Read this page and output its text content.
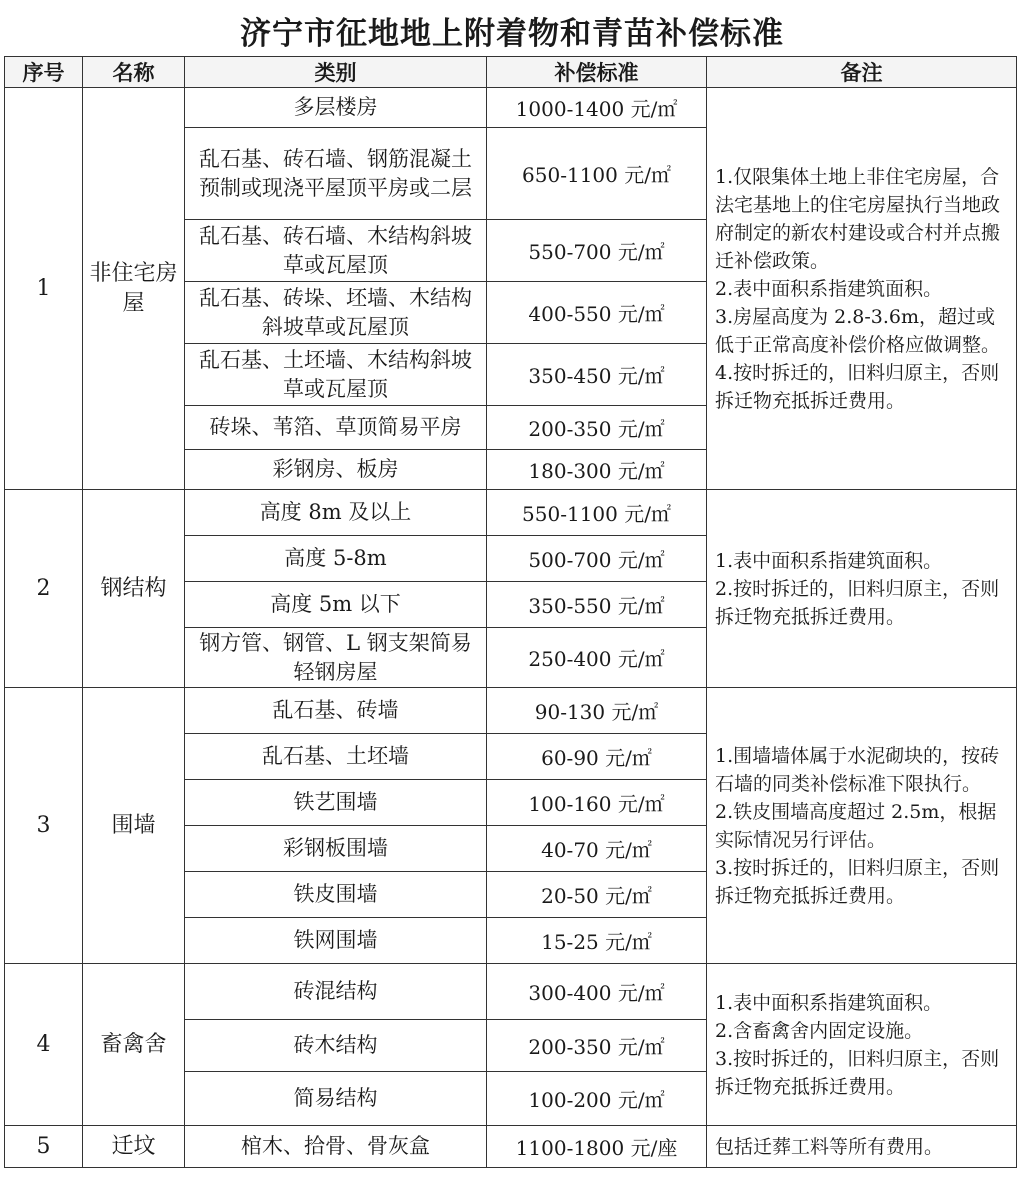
济宁市征地地上附着物和青苗补偿标准
序号	名称	类别	补偿标准	备注
1	非住宅房屋	多层楼房	1000-1400 元/㎡	1.仅限集体土地上非住宅房屋，合法宅基地上的住宅房屋执行当地政府制定的新农村建设或合村并点搬迁补偿政策。
2.表中面积系指建筑面积。
3.房屋高度为 2.8-3.6m，超过或低于正常高度补偿价格应做调整。
4.按时拆迁的，旧料归原主，否则拆迁物充抵拆迁费用。

		乱石基、砖石墙、钢筋混凝土预制或现浇平屋顶平房或二层	650-1100 元/㎡	
		乱石基、砖石墙、木结构斜坡草或瓦屋顶	550-700 元/㎡	
		乱石基、砖垛、坯墙、木结构斜坡草或瓦屋顶	400-550 元/㎡	
		乱石基、土坯墙、木结构斜坡草或瓦屋顶	350-450 元/㎡	
		砖垛、苇箔、草顶简易平房	200-350 元/㎡	
		彩钢房、板房	180-300 元/㎡	
2	钢结构	高度 8m 及以上	550-1100 元/㎡	1.表中面积系指建筑面积。
2.按时拆迁的，旧料归原主，否则拆迁物充抵拆迁费用。

		高度 5-8m	500-700 元/㎡	
		高度 5m 以下	350-550 元/㎡	
		钢方管、钢管、L 钢支架简易轻钢房屋	250-400 元/㎡	
3	围墙	乱石基、砖墙	90-130 元/㎡	1.围墙墙体属于水泥砌块的，按砖石墙的同类补偿标准下限执行。
2.铁皮围墙高度超过 2.5m，根据实际情况另行评估。
3.按时拆迁的，旧料归原主，否则拆迁物充抵拆迁费用。

		乱石基、土坯墙	60-90 元/㎡	
		铁艺围墙	100-160 元/㎡	
		彩钢板围墙	40-70 元/㎡	
		铁皮围墙	20-50 元/㎡	
		铁网围墙	15-25 元/㎡	
4	畜禽舍	砖混结构	300-400 元/㎡	1.表中面积系指建筑面积。
2.含畜禽舍内固定设施。
3.按时拆迁的，旧料归原主，否则拆迁物充抵拆迁费用。

		砖木结构	200-350 元/㎡	
		简易结构	100-200 元/㎡	
5	迁坟	棺木、拾骨、骨灰盒	1100-1800 元/座	包括迁葬工料等所有费用。
